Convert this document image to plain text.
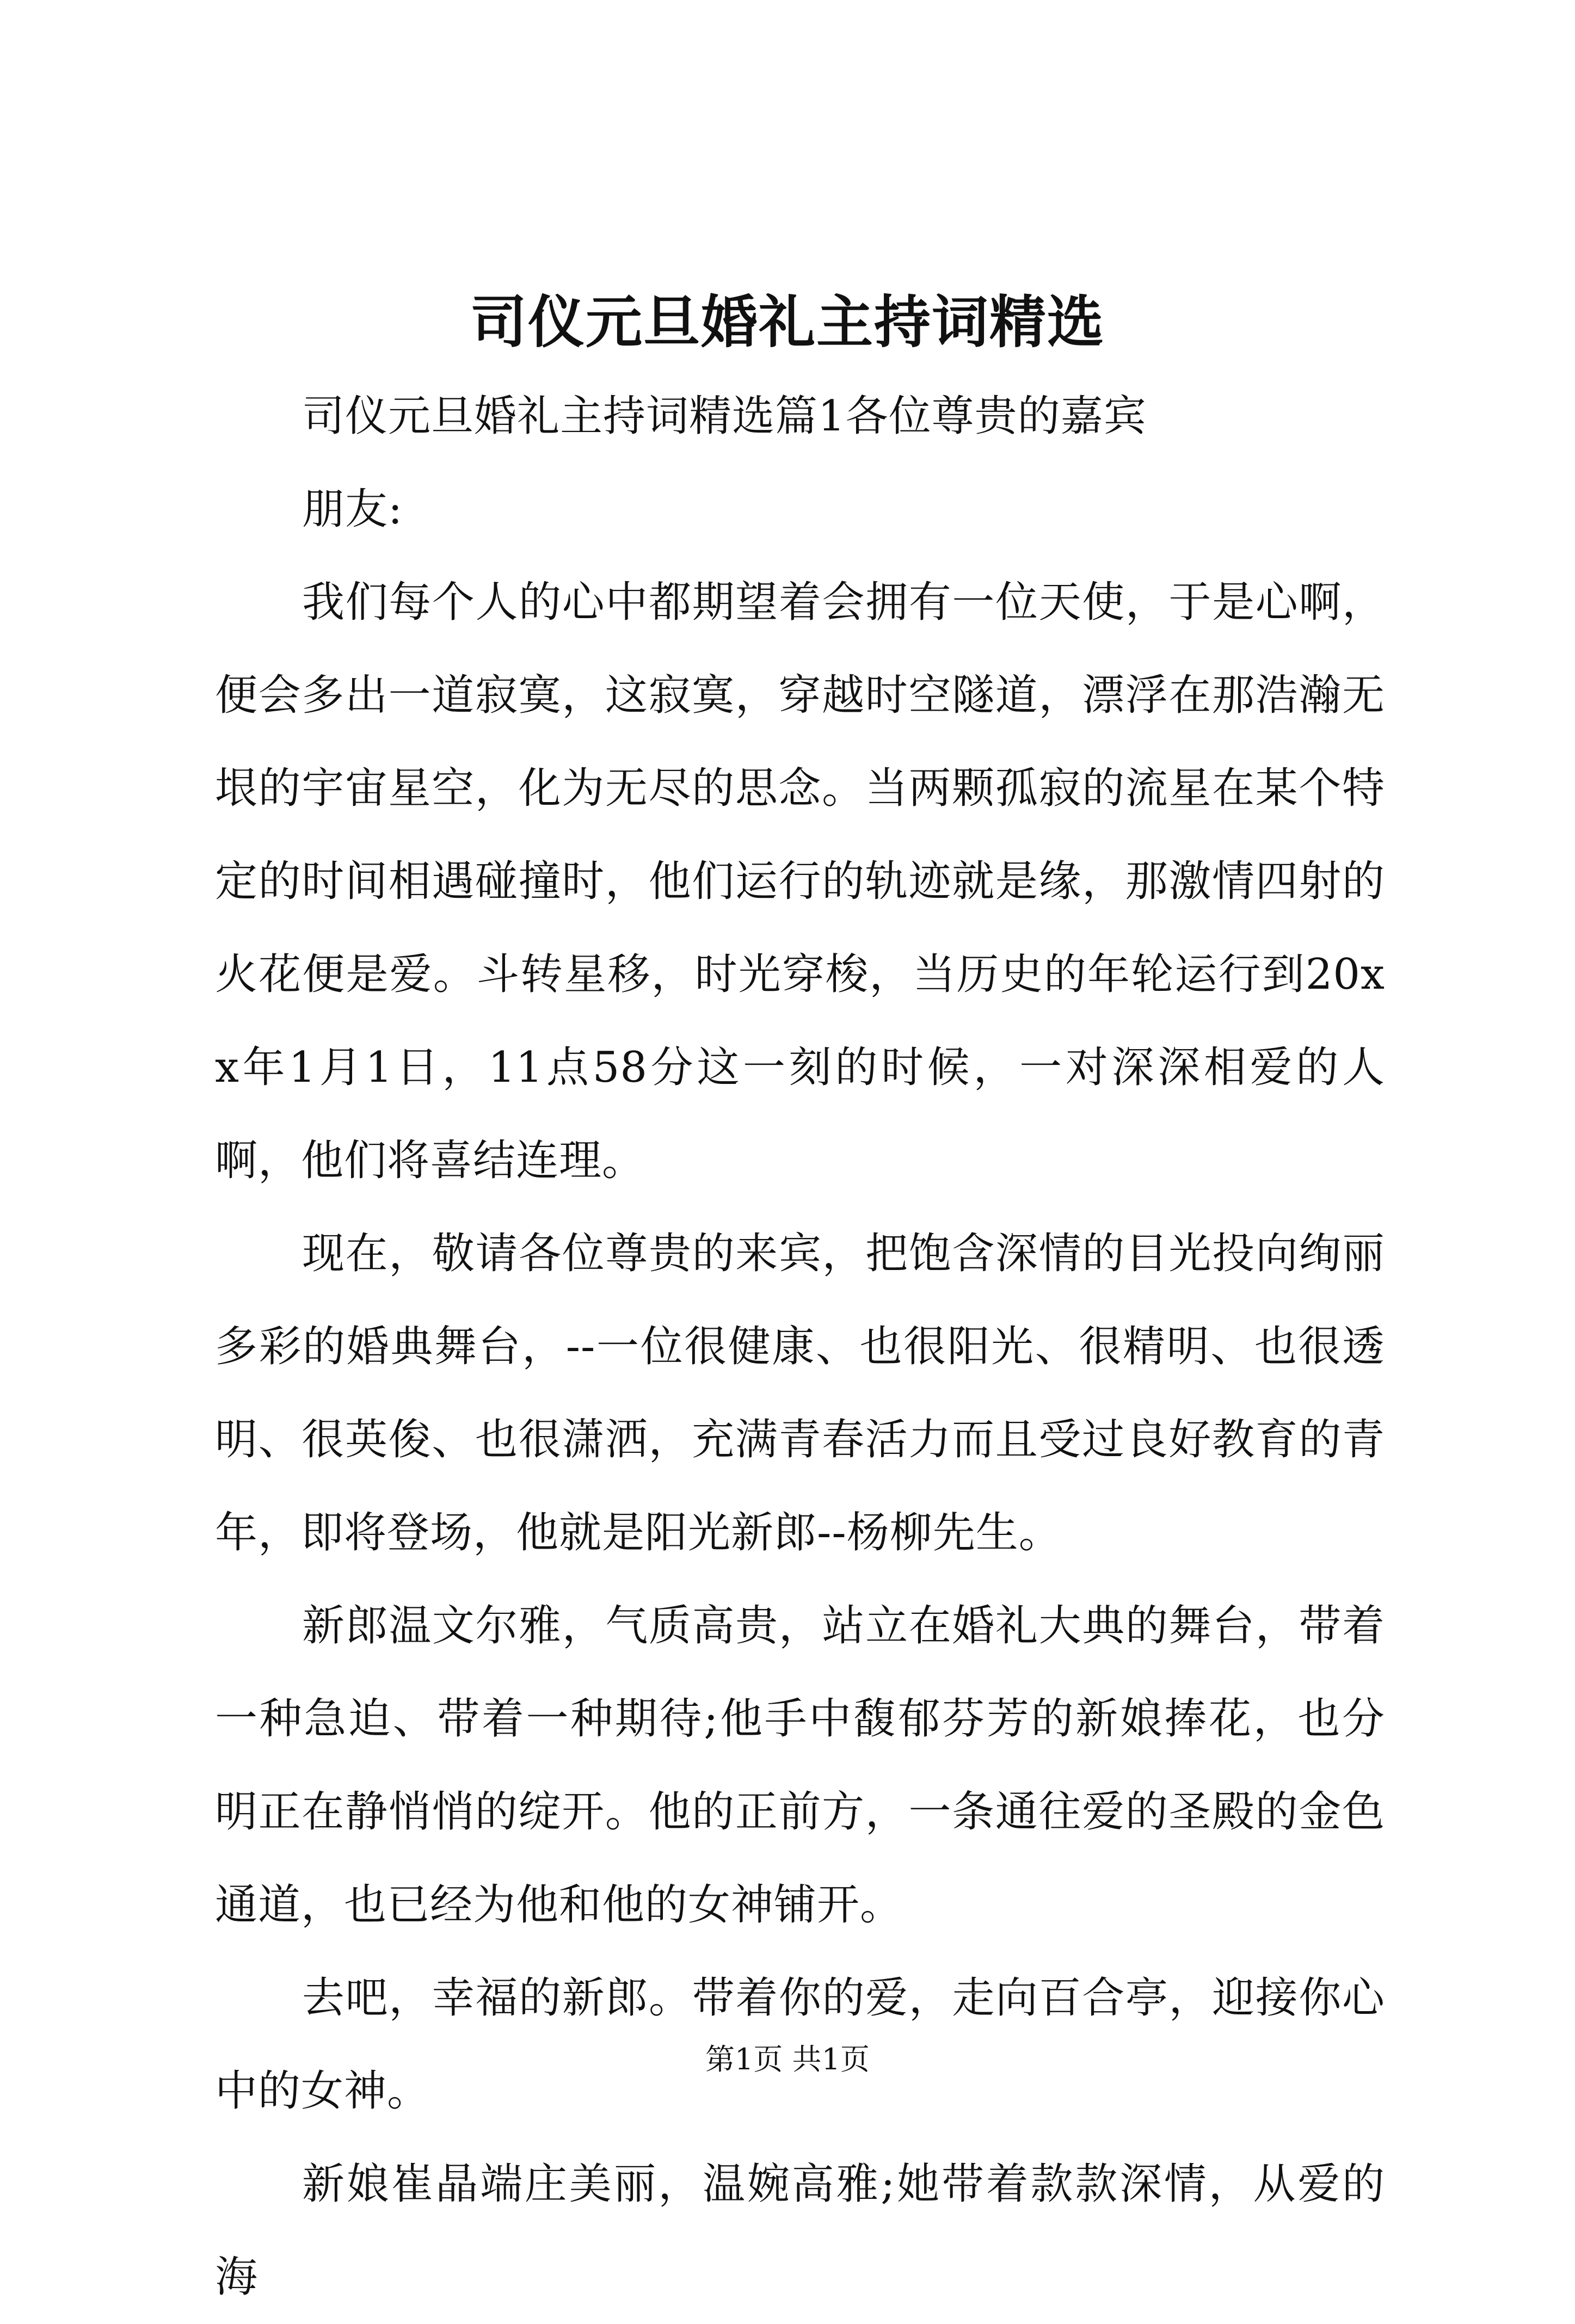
司仪元旦婚礼主持词精选

司仪元旦婚礼主持词精选篇1各位尊贵的嘉宾

朋友:

我们每个人的心中都期望着会拥有一位天使，于是心啊，便会多出一道寂寞，这寂寞，穿越时空隧道，漂浮在那浩瀚无垠的宇宙星空，化为无尽的思念。当两颗孤寂的流星在某个特定的时间相遇碰撞时，他们运行的轨迹就是缘，那激情四射的火花便是爱。斗转星移，时光穿梭，当历史的年轮运行到20xx年1月1日，11点58分这一刻的时候，一对深深相爱的人啊，他们将喜结连理。

现在，敬请各位尊贵的来宾，把饱含深情的目光投向绚丽多彩的婚典舞台，--一位很健康、也很阳光、很精明、也很透明、很英俊、也很潇洒，充满青春活力而且受过良好教育的青年，即将登场，他就是阳光新郎--杨柳先生。

新郎温文尔雅，气质高贵，站立在婚礼大典的舞台，带着一种急迫、带着一种期待;他手中馥郁芬芳的新娘捧花，也分明正在静悄悄的绽开。他的正前方，一条通往爱的圣殿的金色通道，也已经为他和他的女神铺开。

去吧，幸福的新郎。带着你的爱，走向百合亭，迎接你心中的女神。

新娘崔晶端庄美丽，温婉高雅;她带着款款深情，从爱的海

第1页 共1页
